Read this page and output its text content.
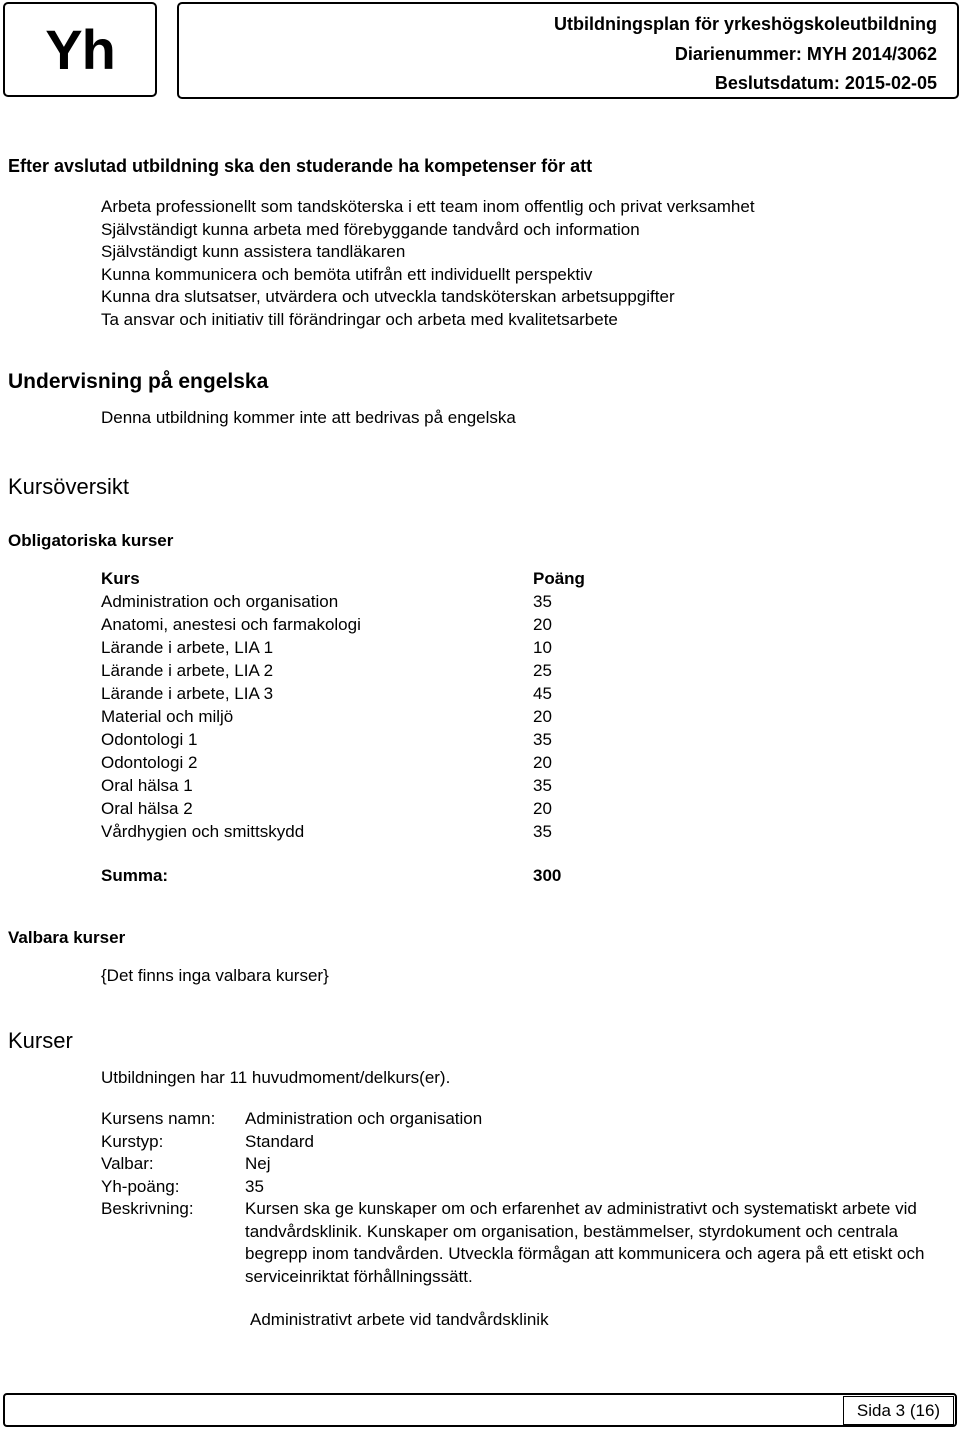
Yh	Utbildningsplan för yrkeshögskoleutbildning
Diarienummer: MYH 2014/3062
Beslutsdatum: 2015-02-05
Efter avslutad utbildning ska den studerande ha kompetenser för att
Arbeta professionellt som tandsköterska i ett team inom offentlig och privat verksamhet
Självständigt kunna arbeta med förebyggande tandvård och information
Självständigt kunn assistera tandläkaren
Kunna kommunicera och bemöta utifrån ett individuellt perspektiv
Kunna dra slutsatser, utvärdera och utveckla tandsköterskan arbetsuppgifter
Ta ansvar och initiativ till förändringar och arbeta med kvalitetsarbete
Undervisning på engelska
Denna utbildning kommer inte att bedrivas på engelska
Kursöversikt
Obligatoriska kurser
Kurs	Poäng
Administration och organisation	35
Anatomi, anestesi och farmakologi	20
Lärande i arbete, LIA 1	10
Lärande i arbete, LIA 2	25
Lärande i arbete, LIA 3	45
Material och miljö	20
Odontologi 1	35
Odontologi 2	20
Oral hälsa 1	35
Oral hälsa 2	20
Vårdhygien och smittskydd	35
Summa:	300
Valbara kurser
{Det finns inga valbara kurser}
Kurser
Utbildningen har 11 huvudmoment/delkurs(er).
Kursens namn:	Administration och organisation
Kurstyp:	Standard
Valbar:	Nej
Yh-poäng:	35
Beskrivning:	Kursen ska ge kunskaper om och erfarenhet av administrativt och systematiskt arbete vid tandvårdsklinik. Kunskaper om organisation, bestämmelser, styrdokument och centrala begrepp inom tandvården. Utveckla förmågan att kommunicera och agera på ett etiskt och serviceinriktat förhållningssätt.
Administrativt arbete vid tandvårdsklinik
Sida 3 (16)
